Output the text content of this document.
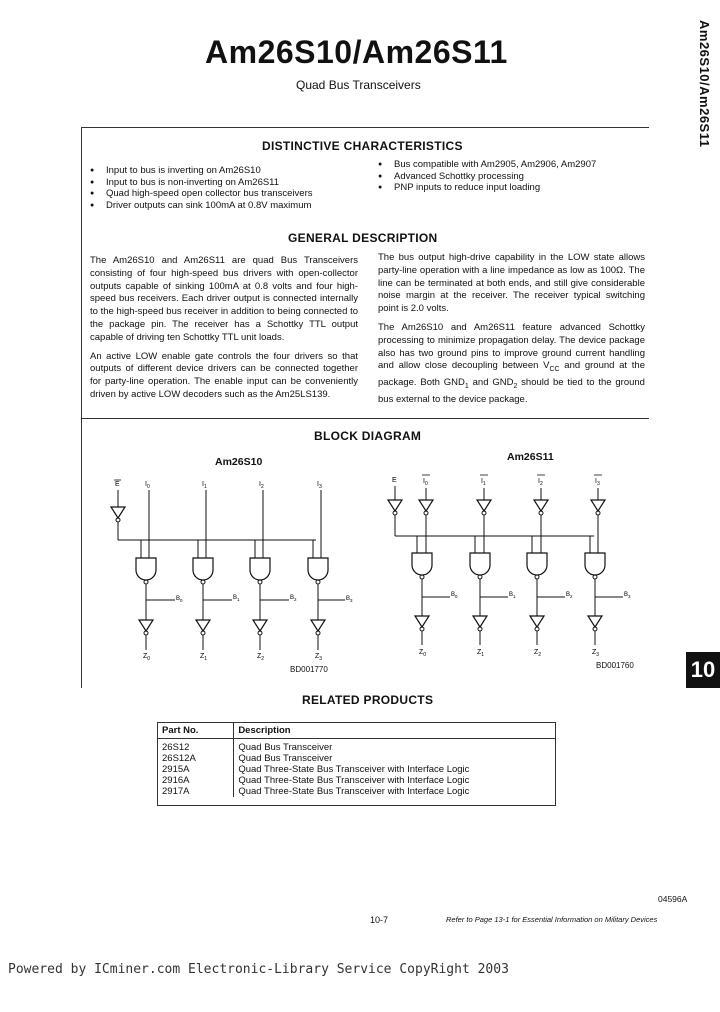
Am26S10/Am26S11
Quad Bus Transceivers	Am26S10/Am26S11
10
DISTINCTIVE CHARACTERISTICS
● Input to bus is inverting on Am26S10
● Input to bus is non-inverting on Am26S11
● Quad high-speed open collector bus transceivers
● Driver outputs can sink 100mA at 0.8V maximum
● Bus compatible with Am2905, Am2906, Am2907
● Advanced Schottky processing
● PNP inputs to reduce input loading
GENERAL DESCRIPTION

The Am26S10 and Am26S11 are quad Bus Transceivers consisting of four high-speed bus drivers with open-collector outputs capable of sinking 100mA at 0.8 volts and four high-speed bus receivers. Each driver output is connected internally to the high-speed bus receiver in addition to being connected to the package pin. The receiver has a Schottky TTL output capable of driving ten Schottky TTL unit loads.

An active LOW enable gate controls the four drivers so that outputs of different device drivers can be connected together for party-line operation. The enable input can be conveniently driven by active LOW decoders such as the Am25LS139.

The bus output high-drive capability in the LOW state allows party-line operation with a line impedance as low as 100Ω. The line can be terminated at both ends, and still give considerable noise margin at the receiver. The receiver typical switching point is 2.0 volts.

The Am26S10 and Am26S11 feature advanced Schottky processing to minimize propagation delay. The device package also has two ground pins to improve ground current handling and allow close decoupling between $V_{CC}$ and ground at the package. Both $GND_1$ and $GND_2$ should be tied to the ground bus external to the device package.

BLOCK DIAGRAM
Am26S10	Am26S11
BD001770	BD001760
E	$I_0$
$B_0$
$Z_0$
$I_1$
$B_1$
$Z_1$
$I_2$
$B_2$
$Z_2$
$I_3$
$B_3$
$Z_3$
E	$I_0$
$B_0$
$Z_0$
$I_1$
$B_1$
$Z_1$
$I_2$
$B_2$
$Z_2$
$I_3$
$B_3$
$Z_3$
RELATED PRODUCTS
Part No.	Description
26S12	Quad Bus Transceiver
26S12A	Quad Bus Transceiver
2915A	Quad Three-State Bus Transceiver with Interface Logic
2916A	Quad Three-State Bus Transceiver with Interface Logic
2917A	Quad Three-State Bus Transceiver with Interface Logic
04596A
10-7	Refer to Page 13-1 for Essential Information on Military Devices
Powered by ICminer.com Electronic-Library Service CopyRight 2003
